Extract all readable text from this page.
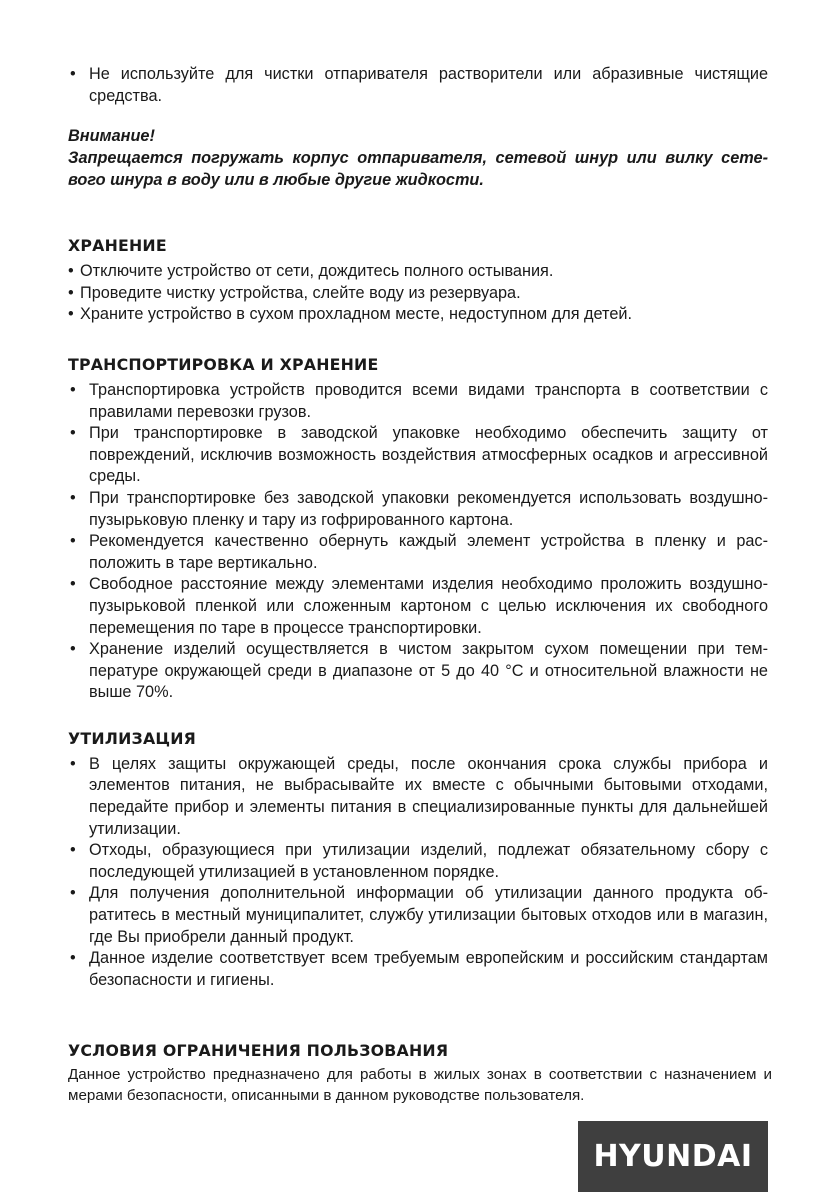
• Не используйте для чистки отпаривателя растворители или абразивные чистящие средства.
Внимание!
Запрещается погружать корпус отпаривателя, сетевой шнур или вилку сетевого шнура в воду или в любые другие жидкости.
ХРАНЕНИЕ
• Отключите устройство от сети, дождитесь полного остывания.
• Проведите чистку устройства, слейте воду из резервуара.
• Храните устройство в сухом прохладном месте, недоступном для детей.
ТРАНСПОРТИРОВКА И ХРАНЕНИЕ
• Транспортировка устройств проводится всеми видами транспорта в соответствии с правилами перевозки грузов.
• При транспортировке в заводской упаковке необходимо обеспечить защиту от повреждений, исключив возможность воздействия атмосферных осадков и агрессивной среды.
• При транспортировке без заводской упаковки рекомендуется использовать воздушно-пузырьковую пленку и тару из гофрированного картона.
• Рекомендуется качественно обернуть каждый элемент устройства в пленку и расположить в таре вертикально.
• Свободное расстояние между элементами изделия необходимо проложить воздушно-пузырьковой пленкой или сложенным картоном с целью исключения их свободного перемещения по таре в процессе транспортировки.
• Хранение изделий осуществляется в чистом закрытом сухом помещении при температуре окружающей среди в диапазоне от 5 до 40 °С и относительной влажности не выше 70%.
УТИЛИЗАЦИЯ
• В целях защиты окружающей среды, после окончания срока службы прибора и элементов питания, не выбрасывайте их вместе с обычными бытовыми отходами, передайте прибор и элементы питания в специализированные пункты для дальнейшей утилизации.
• Отходы, образующиеся при утилизации изделий, подлежат обязательному сбору с последующей утилизацией в установленном порядке.
• Для получения дополнительной информации об утилизации данного продукта обратитесь в местный муниципалитет, службу утилизации бытовых отходов или в магазин, где Вы приобрели данный продукт.
• Данное изделие соответствует всем требуемым европейским и российским стандартам безопасности и гигиены.
УСЛОВИЯ ОГРАНИЧЕНИЯ ПОЛЬЗОВАНИЯ

Данное устройство предназначено для работы в жилых зонах в соответствии с назначением и мерами безопасности, описанными в данном руководстве пользователя.

HYUNDAI
